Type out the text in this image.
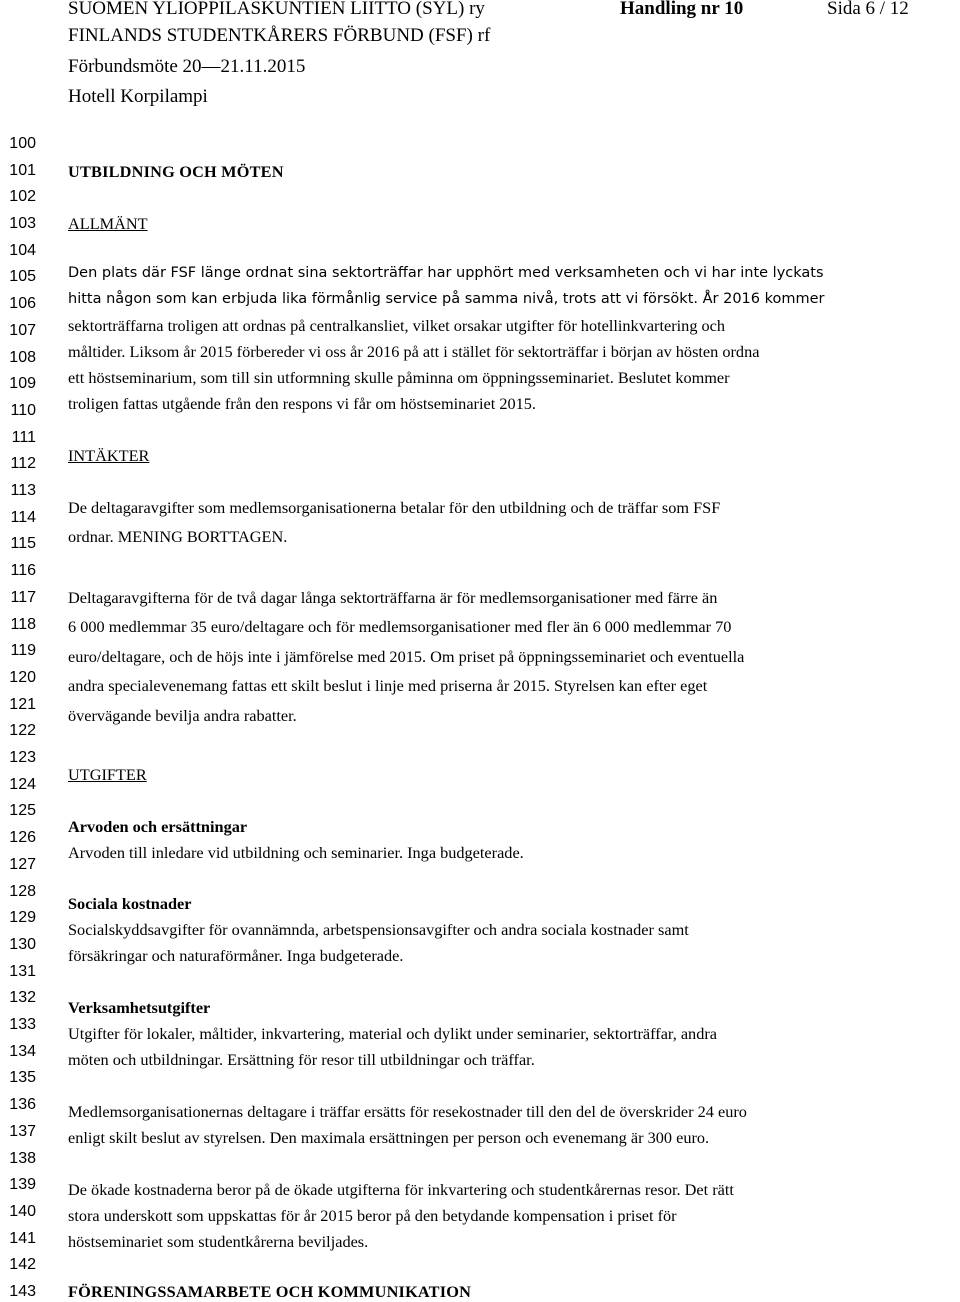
SUOMEN YLIOPPILASKUNTIEN LIITTO (SYL) ry
FINLANDS STUDENTKÅRERS FÖRBUND (FSF) rf
Förbundsmöte 20—21.11.2015
Hotell Korpilampi
Handling nr 10	Sida 6 / 12
100
101
102
103
104
105
106
107
108
109
110
111
112
113
114
115
116
117
118
119
120
121
122
123
124
125
126
127
128
129
130
131
132
133
134
135
136
137
138
139
140
141
142
143
UTBILDNING OCH MÖTEN
ALLMÄNT
Den plats där FSF länge ordnat sina sektorträffar har upphört med verksamheten och vi har inte lyckats
hitta någon som kan erbjuda lika förmånlig service på samma nivå, trots att vi försökt. År 2016 kommer
sektorträffarna troligen att ordnas på centralkansliet, vilket orsakar utgifter för hotellinkvartering och
måltider. Liksom år 2015 förbereder vi oss år 2016 på att i stället för sektorträffar i början av hösten ordna
ett höstseminarium, som till sin utformning skulle påminna om öppningsseminariet. Beslutet kommer
troligen fattas utgående från den respons vi får om höstseminariet 2015.
INTÄKTER
De deltagaravgifter som medlemsorganisationerna betalar för den utbildning och de träffar som FSF
ordnar. MENING BORTTAGEN.
Deltagaravgifterna för de två dagar långa sektorträffarna är för medlemsorganisationer med färre än
6 000 medlemmar 35 euro/deltagare och för medlemsorganisationer med fler än 6 000 medlemmar 70
euro/deltagare, och de höjs inte i jämförelse med 2015. Om priset på öppningsseminariet och eventuella
andra specialevenemang fattas ett skilt beslut i linje med priserna år 2015. Styrelsen kan efter eget
övervägande bevilja andra rabatter.
UTGIFTER
Arvoden och ersättningar
Arvoden till inledare vid utbildning och seminarier. Inga budgeterade.
Sociala kostnader
Socialskyddsavgifter för ovannämnda, arbetspensionsavgifter och andra sociala kostnader samt
försäkringar och naturaförmåner. Inga budgeterade.
Verksamhetsutgifter
Utgifter för lokaler, måltider, inkvartering, material och dylikt under seminarier, sektorträffar, andra
möten och utbildningar. Ersättning för resor till utbildningar och träffar.
Medlemsorganisationernas deltagare i träffar ersätts för resekostnader till den del de överskrider 24 euro
enligt skilt beslut av styrelsen. Den maximala ersättningen per person och evenemang är 300 euro.
De ökade kostnaderna beror på de ökade utgifterna för inkvartering och studentkårernas resor. Det rätt
stora underskott som uppskattas för år 2015 beror på den betydande kompensation i priset för
höstseminariet som studentkårerna beviljades.
FÖRENINGSSAMARBETE OCH KOMMUNIKATION
